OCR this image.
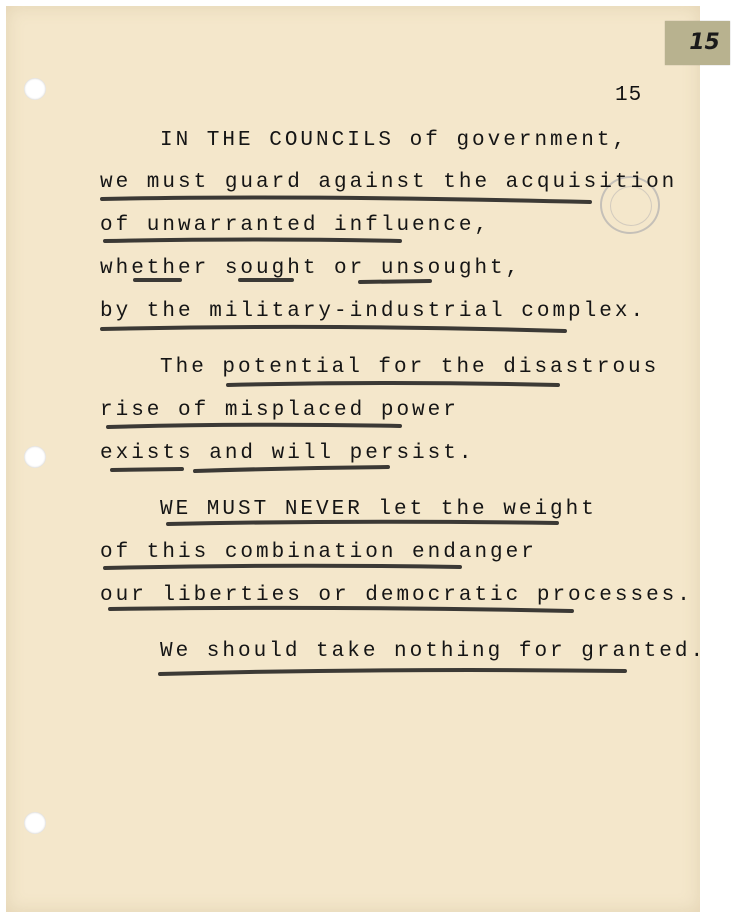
15
15
IN THE COUNCILS of government,
we must guard against the acquisition
of unwarranted influence,
whether sought or unsought,
by the military-industrial complex.
The potential for the disastrous
rise of misplaced power
exists and will persist.
WE MUST NEVER let the weight
of this combination endanger
our liberties or democratic processes.
We should take nothing for granted.
